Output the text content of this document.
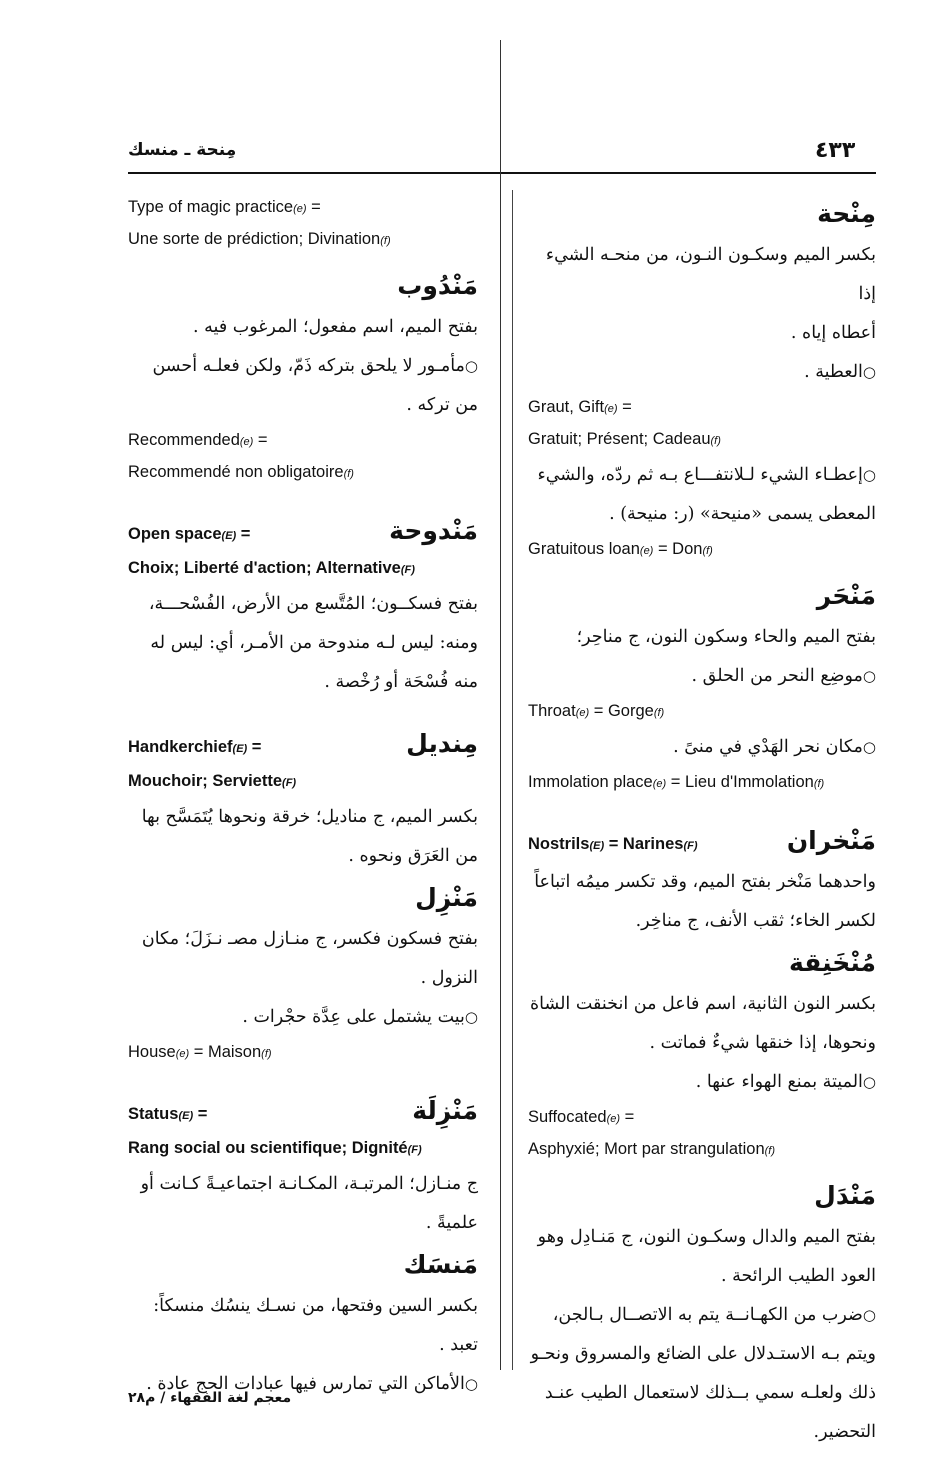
مِنحة ـ منسك	٤٣٣

Type of magic practice(e) =

Une sorte de prédiction; Divination(f)

مَنْدُوب

بفتح الميم، اسم مفعول؛ المرغوب فيه .

○مأمـور لا يلحق بتركه ذَمّ، ولكن فعلـه أحسن

من تركه .

Recommended(e) =

Recommendé non obligatoire(f)

Open space(E) =	مَنْدوحة

Choix; Liberté d'action; Alternative(F)

بفتح فسكــون؛ المُتَّسع من الأرض، الفُسْحـــة،

ومنه: ليس لـه مندوحة من الأمـر، أي: ليس له

منه فُسْحَة أو رُخْصة .

Handkerchief(E) =	مِنديل

Mouchoir; Serviette(F)

بكسر الميم، ج مناديل؛ خرقة ونحوها يُتَمَسَّح بها

من العَرَق ونحوه .

مَنْزِل

بفتح فسكون فكسر، ج منـازل مصـ نـزَلَ؛ مكان

النزول .

○بيت يشتمل على عِدَّة حجْرات .

House(e) = Maison(f)

Status(E) =	مَنْزِلَة

Rang social ou scientifique; Dignité(F)

ج منـازل؛ المرتبـة، المكـانـة اجتماعيـةً كـانت أو

علميةً .

مَنسَك

بكسر السين وفتحها، من نسـك ينسُك منسكاً:

تعبد .

○الأماكن التي تمارس فيها عبادات الحج عادة .

مِنْحة

بكسر الميم وسكـون النـون، من منحـه الشيء إذا

أعطاه إياه .

○العطية .

Graut, Gift(e) =

Gratuit; Présent; Cadeau(f)

○إعطـاء الشيء لـلانتفـــاع بـه ثم ردّه، والشيء

المعطى يسمى «منيحة» (ر: منيحة) .

Gratuitous loan(e) = Don(f)

مَنْحَر

بفتح الميم والحاء وسكون النون، ج مناحِر؛

○موضِع النحر من الحلق .

Throat(e) = Gorge(f)

○مكان نحر الهَدْي في منىً .

Immolation place(e) = Lieu d'Immolation(f)

Nostrils(E) = Narines(F)	مَنْخران

واحدهما مَنْخر بفتح الميم، وقد تكسر ميمُه اتباعاً

لكسر الخاء؛ ثقب الأنف، ج مناخِر.

مُنْخَنِقة

بكسر النون الثانية، اسم فاعل من انخنقت الشاة

ونحوها، إذا خنقها شيءٌ فماتت .

○الميتة بمنع الهواء عنها .

Suffocated(e) =

Asphyxié; Mort par strangulation(f)

مَنْدَل

بفتح الميم والدال وسكـون النون، ج مَنـادِل وهو

العود الطيب الرائحة .

○ضرب من الكهـانــة يتم به الاتصــال بـالجن،

ويتم بـه الاستـدلال على الضائع والمسروق ونحـو

ذلك ولعلـه سمي بــذلك لاستعمال الطيب عنـد

التحضير.

معجم لغة الفقهاء / م٢٨
